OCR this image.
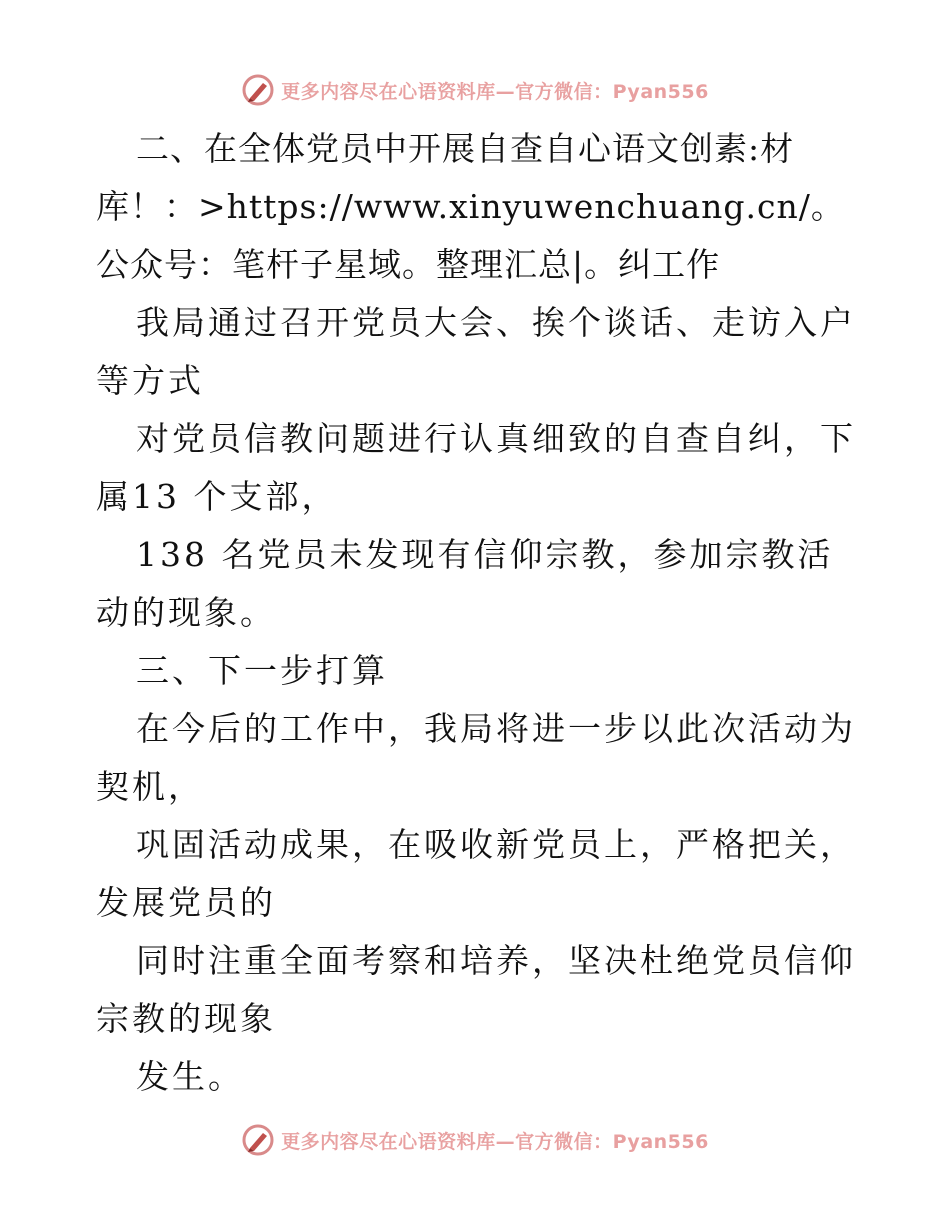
更多内容尽在心语资料库—官方微信：Pyan556

二、在全体党员中开展自查自心语文创素:材库！：>https://www.xinyuwenchuang.cn/。公众号：笔杆子星域。整理汇总|。纠工作

我局通过召开党员大会、挨个谈话、走访入户等方式

对党员信教问题进行认真细致的自查自纠，下属13 个支部，

138 名党员未发现有信仰宗教，参加宗教活动的现象。

三、下一步打算

在今后的工作中，我局将进一步以此次活动为契机，

巩固活动成果，在吸收新党员上，严格把关，发展党员的

同时注重全面考察和培养，坚决杜绝党员信仰宗教的现象

发生。

更多内容尽在心语资料库—官方微信：Pyan556
